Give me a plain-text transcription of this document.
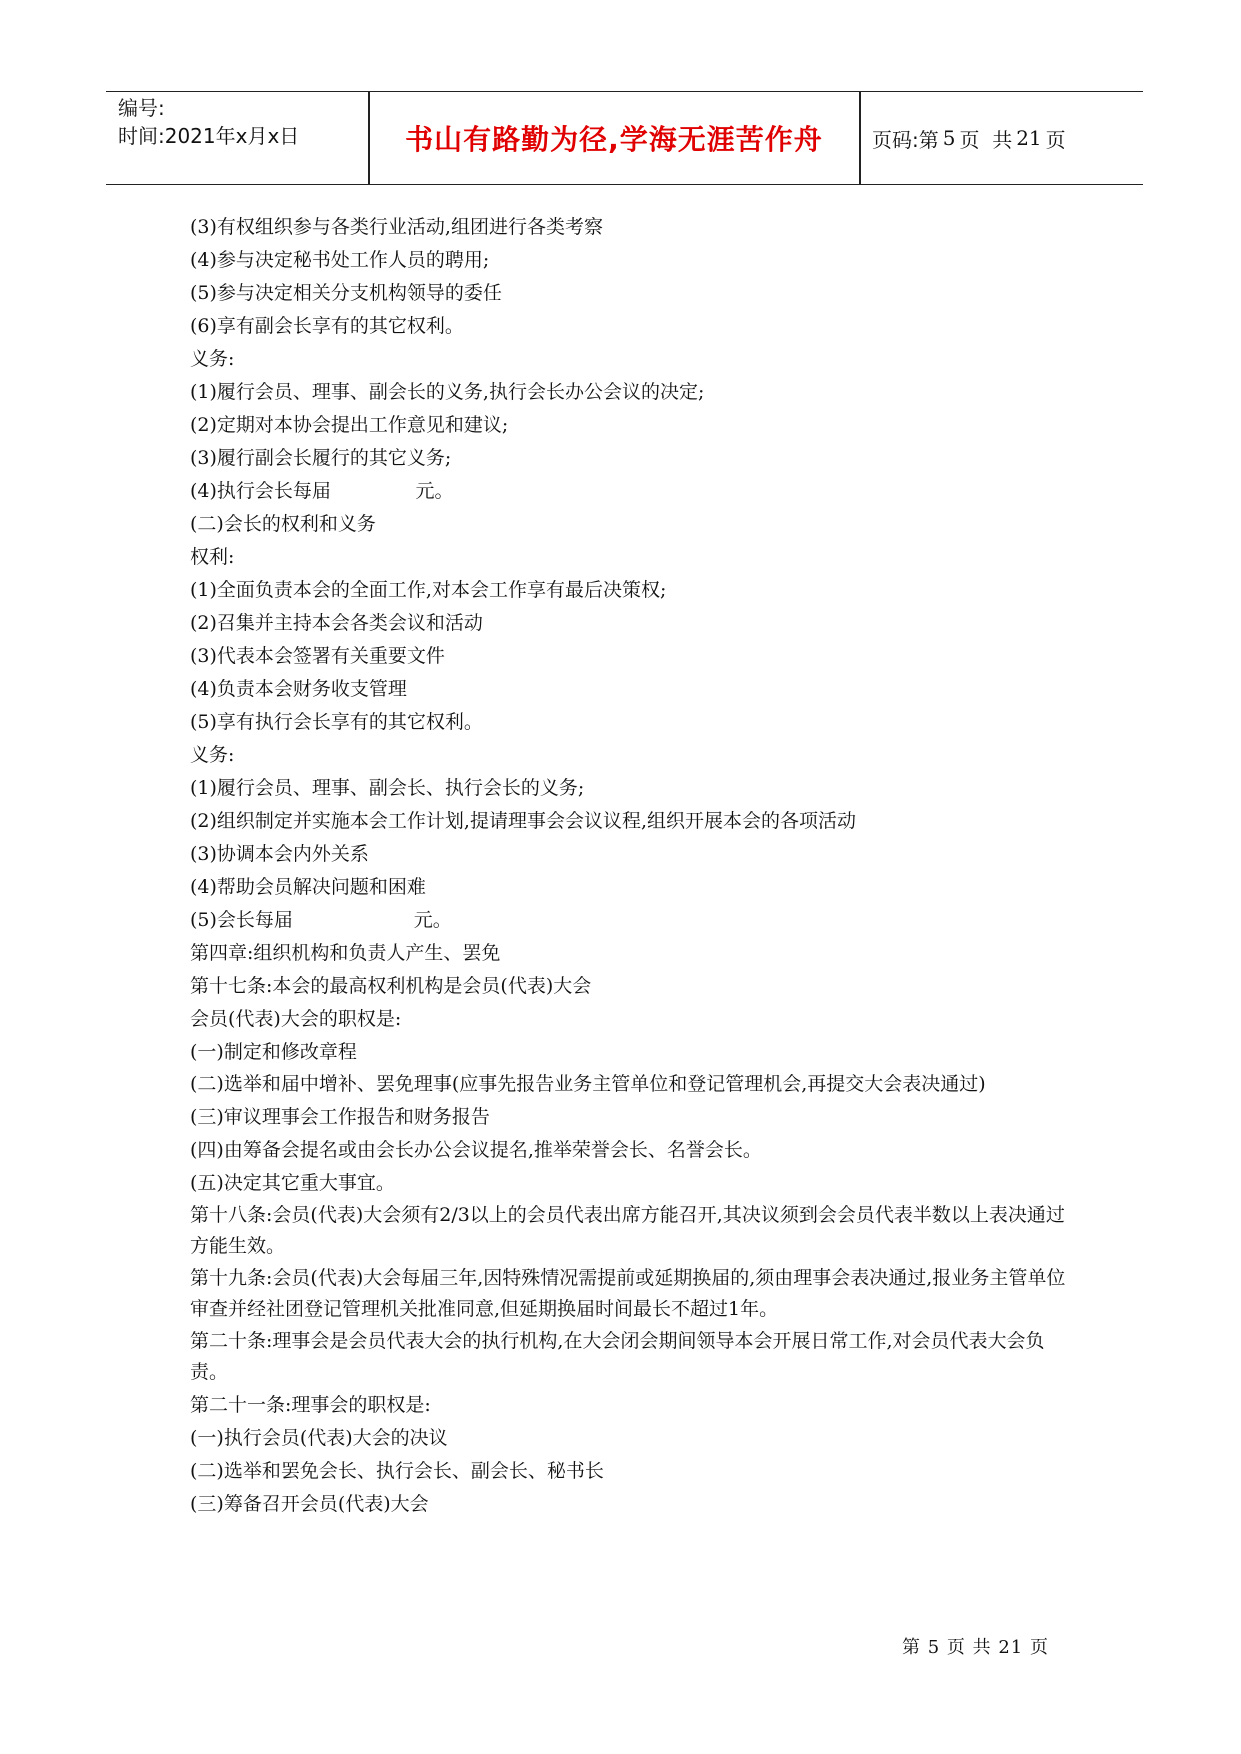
编号:
时间:2021年x月x日	书山有路勤为径,学海无涯苦作舟	页码:第 5 页  共 21 页

(3)有权组织参与各类行业活动,组团进行各类考察

(4)参与决定秘书处工作人员的聘用;

(5)参与决定相关分支机构领导的委任

(6)享有副会长享有的其它权利。

义务:

(1)履行会员、理事、副会长的义务,执行会长办公会议的决定;

(2)定期对本协会提出工作意见和建议;

(3)履行副会长履行的其它义务;

(4)执行会长每届              元。

(二)会长的权利和义务

权利:

(1)全面负责本会的全面工作,对本会工作享有最后决策权;

(2)召集并主持本会各类会议和活动

(3)代表本会签署有关重要文件

(4)负责本会财务收支管理

(5)享有执行会长享有的其它权利。

义务:

(1)履行会员、理事、副会长、执行会长的义务;

(2)组织制定并实施本会工作计划,提请理事会会议议程,组织开展本会的各项活动

(3)协调本会内外关系

(4)帮助会员解决问题和困难

(5)会长每届                    元。

第四章:组织机构和负责人产生、罢免

第十七条:本会的最高权利机构是会员(代表)大会

会员(代表)大会的职权是:

(一)制定和修改章程

(二)选举和届中增补、罢免理事(应事先报告业务主管单位和登记管理机会,再提交大会表决通过)

(三)审议理事会工作报告和财务报告

(四)由筹备会提名或由会长办公会议提名,推举荣誉会长、名誉会长。

(五)决定其它重大事宜。

第十八条:会员(代表)大会须有2/3以上的会员代表出席方能召开,其决议须到会会员代表半数以上表决通过方能生效。

第十九条:会员(代表)大会每届三年,因特殊情况需提前或延期换届的,须由理事会表决通过,报业务主管单位审查并经社团登记管理机关批准同意,但延期换届时间最长不超过1年。

第二十条:理事会是会员代表大会的执行机构,在大会闭会期间领导本会开展日常工作,对会员代表大会负责。

第二十一条:理事会的职权是:

(一)执行会员(代表)大会的决议

(二)选举和罢免会长、执行会长、副会长、秘书长

(三)筹备召开会员(代表)大会

第 5 页 共 21 页
